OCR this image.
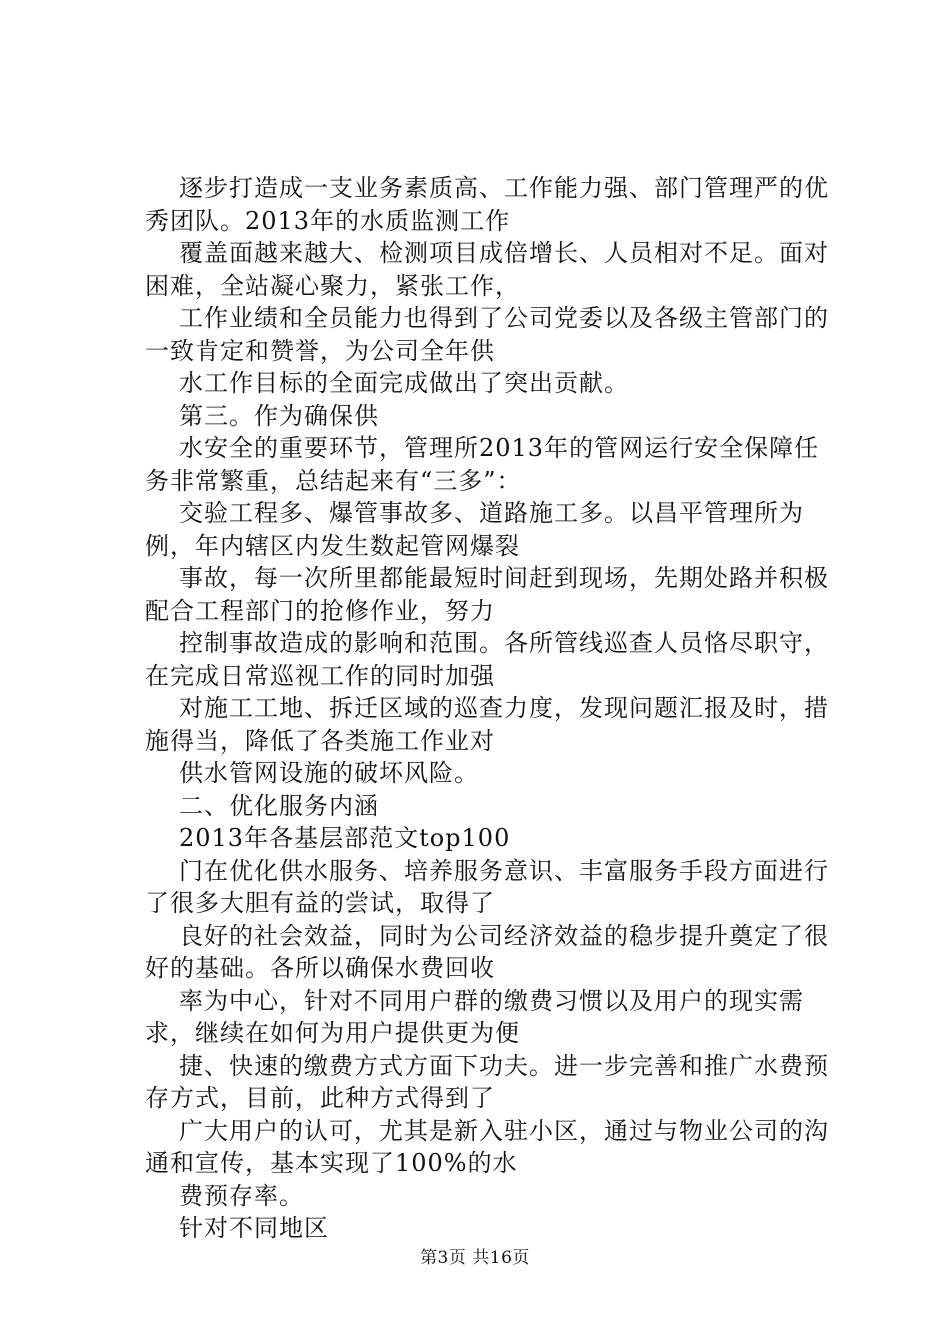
逐步打造成一支业务素质高、工作能力强、部门管理严的优秀团队。2013年的水质监测工作

覆盖面越来越大、检测项目成倍增长、人员相对不足。面对困难，全站凝心聚力，紧张工作，

工作业绩和全员能力也得到了公司党委以及各级主管部门的一致肯定和赞誉，为公司全年供

水工作目标的全面完成做出了突出贡献。

第三。作为确保供

水安全的重要环节，管理所2013年的管网运行安全保障任务非常繁重，总结起来有“三多”：

交验工程多、爆管事故多、道路施工多。以昌平管理所为例，年内辖区内发生数起管网爆裂

事故，每一次所里都能最短时间赶到现场，先期处路并积极配合工程部门的抢修作业，努力

控制事故造成的影响和范围。各所管线巡查人员恪尽职守，在完成日常巡视工作的同时加强

对施工工地、拆迁区域的巡查力度，发现问题汇报及时，措施得当，降低了各类施工作业对

供水管网设施的破坏风险。

二、优化服务内涵

2013年各基层部范文top100

门在优化供水服务、培养服务意识、丰富服务手段方面进行了很多大胆有益的尝试，取得了

良好的社会效益，同时为公司经济效益的稳步提升奠定了很好的基础。各所以确保水费回收

率为中心，针对不同用户群的缴费习惯以及用户的现实需求，继续在如何为用户提供更为便

捷、快速的缴费方式方面下功夫。进一步完善和推广水费预存方式，目前，此种方式得到了

广大用户的认可，尤其是新入驻小区，通过与物业公司的沟通和宣传，基本实现了100%的水

费预存率。

针对不同地区

第3页 共16页
